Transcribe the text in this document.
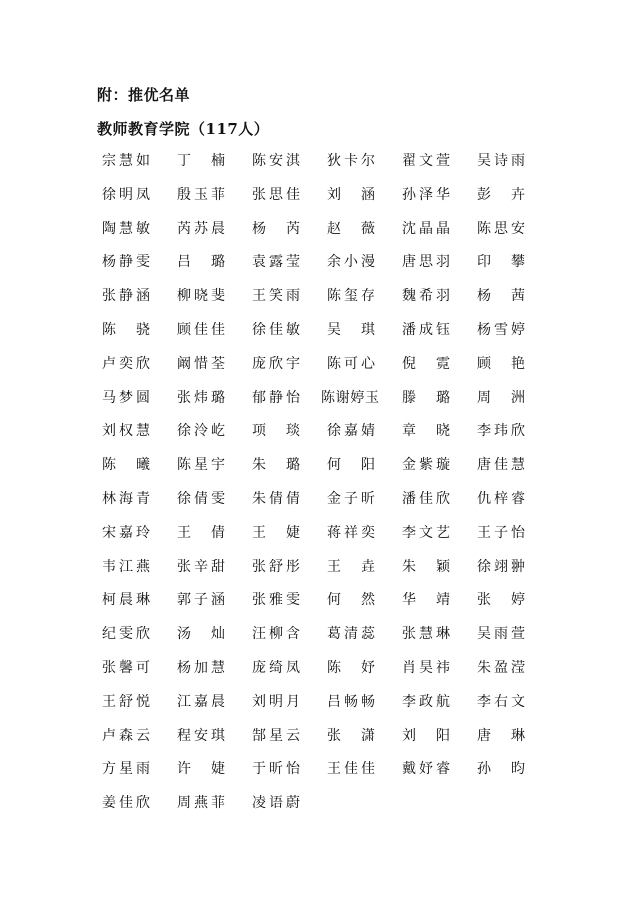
附：推优名单
教师教育学院（117人）
宗慧如 丁　楠 陈安淇 狄卡尔 翟文萱 吴诗雨
徐明凤 殷玉菲 张思佳 刘　涵 孙泽华 彭　卉
陶慧敏 芮苏晨 杨　芮 赵　薇 沈晶晶 陈思安
杨静雯 吕　璐 袁露莹 余小漫 唐思羽 印　攀
张静涵 柳晓斐 王笑雨 陈玺存 魏希羽 杨　茜
陈　骁 顾佳佳 徐佳敏 吴　琪 潘成钰 杨雪婷
卢奕欣 阚惜荃 庞欣宇 陈可心 倪　霓 顾　艳
马梦圆 张炜璐 郁静怡 陈谢婷玉 滕　璐 周　洲
刘权慧 徐泠屹 项　琰 徐嘉婧 章　晓 李玮欣
陈　曦 陈星宇 朱　璐 何　阳 金紫璇 唐佳慧
林海青 徐倩雯 朱倩倩 金子昕 潘佳欣 仇梓睿
宋嘉玲 王　倩 王　婕 蒋祥奕 李文艺 王子怡
韦江燕 张辛甜 张舒彤 王　垚 朱　颖 徐翊翀
柯晨琳 郭子涵 张雅雯 何　然 华　靖 张　婷
纪雯欣 汤　灿 汪柳含 葛清蕊 张慧琳 吴雨萱
张馨可 杨加慧 庞绮凤 陈　妤 肖昊祎 朱盈滢
王舒悦 江嘉晨 刘明月 吕畅畅 李政航 李右文
卢森云 程安琪 郜星云 张　潇 刘　阳 唐　琳
方星雨 许　婕 于昕怡 王佳佳 戴妤睿 孙　昀
姜佳欣 周燕菲 凌语蔚
